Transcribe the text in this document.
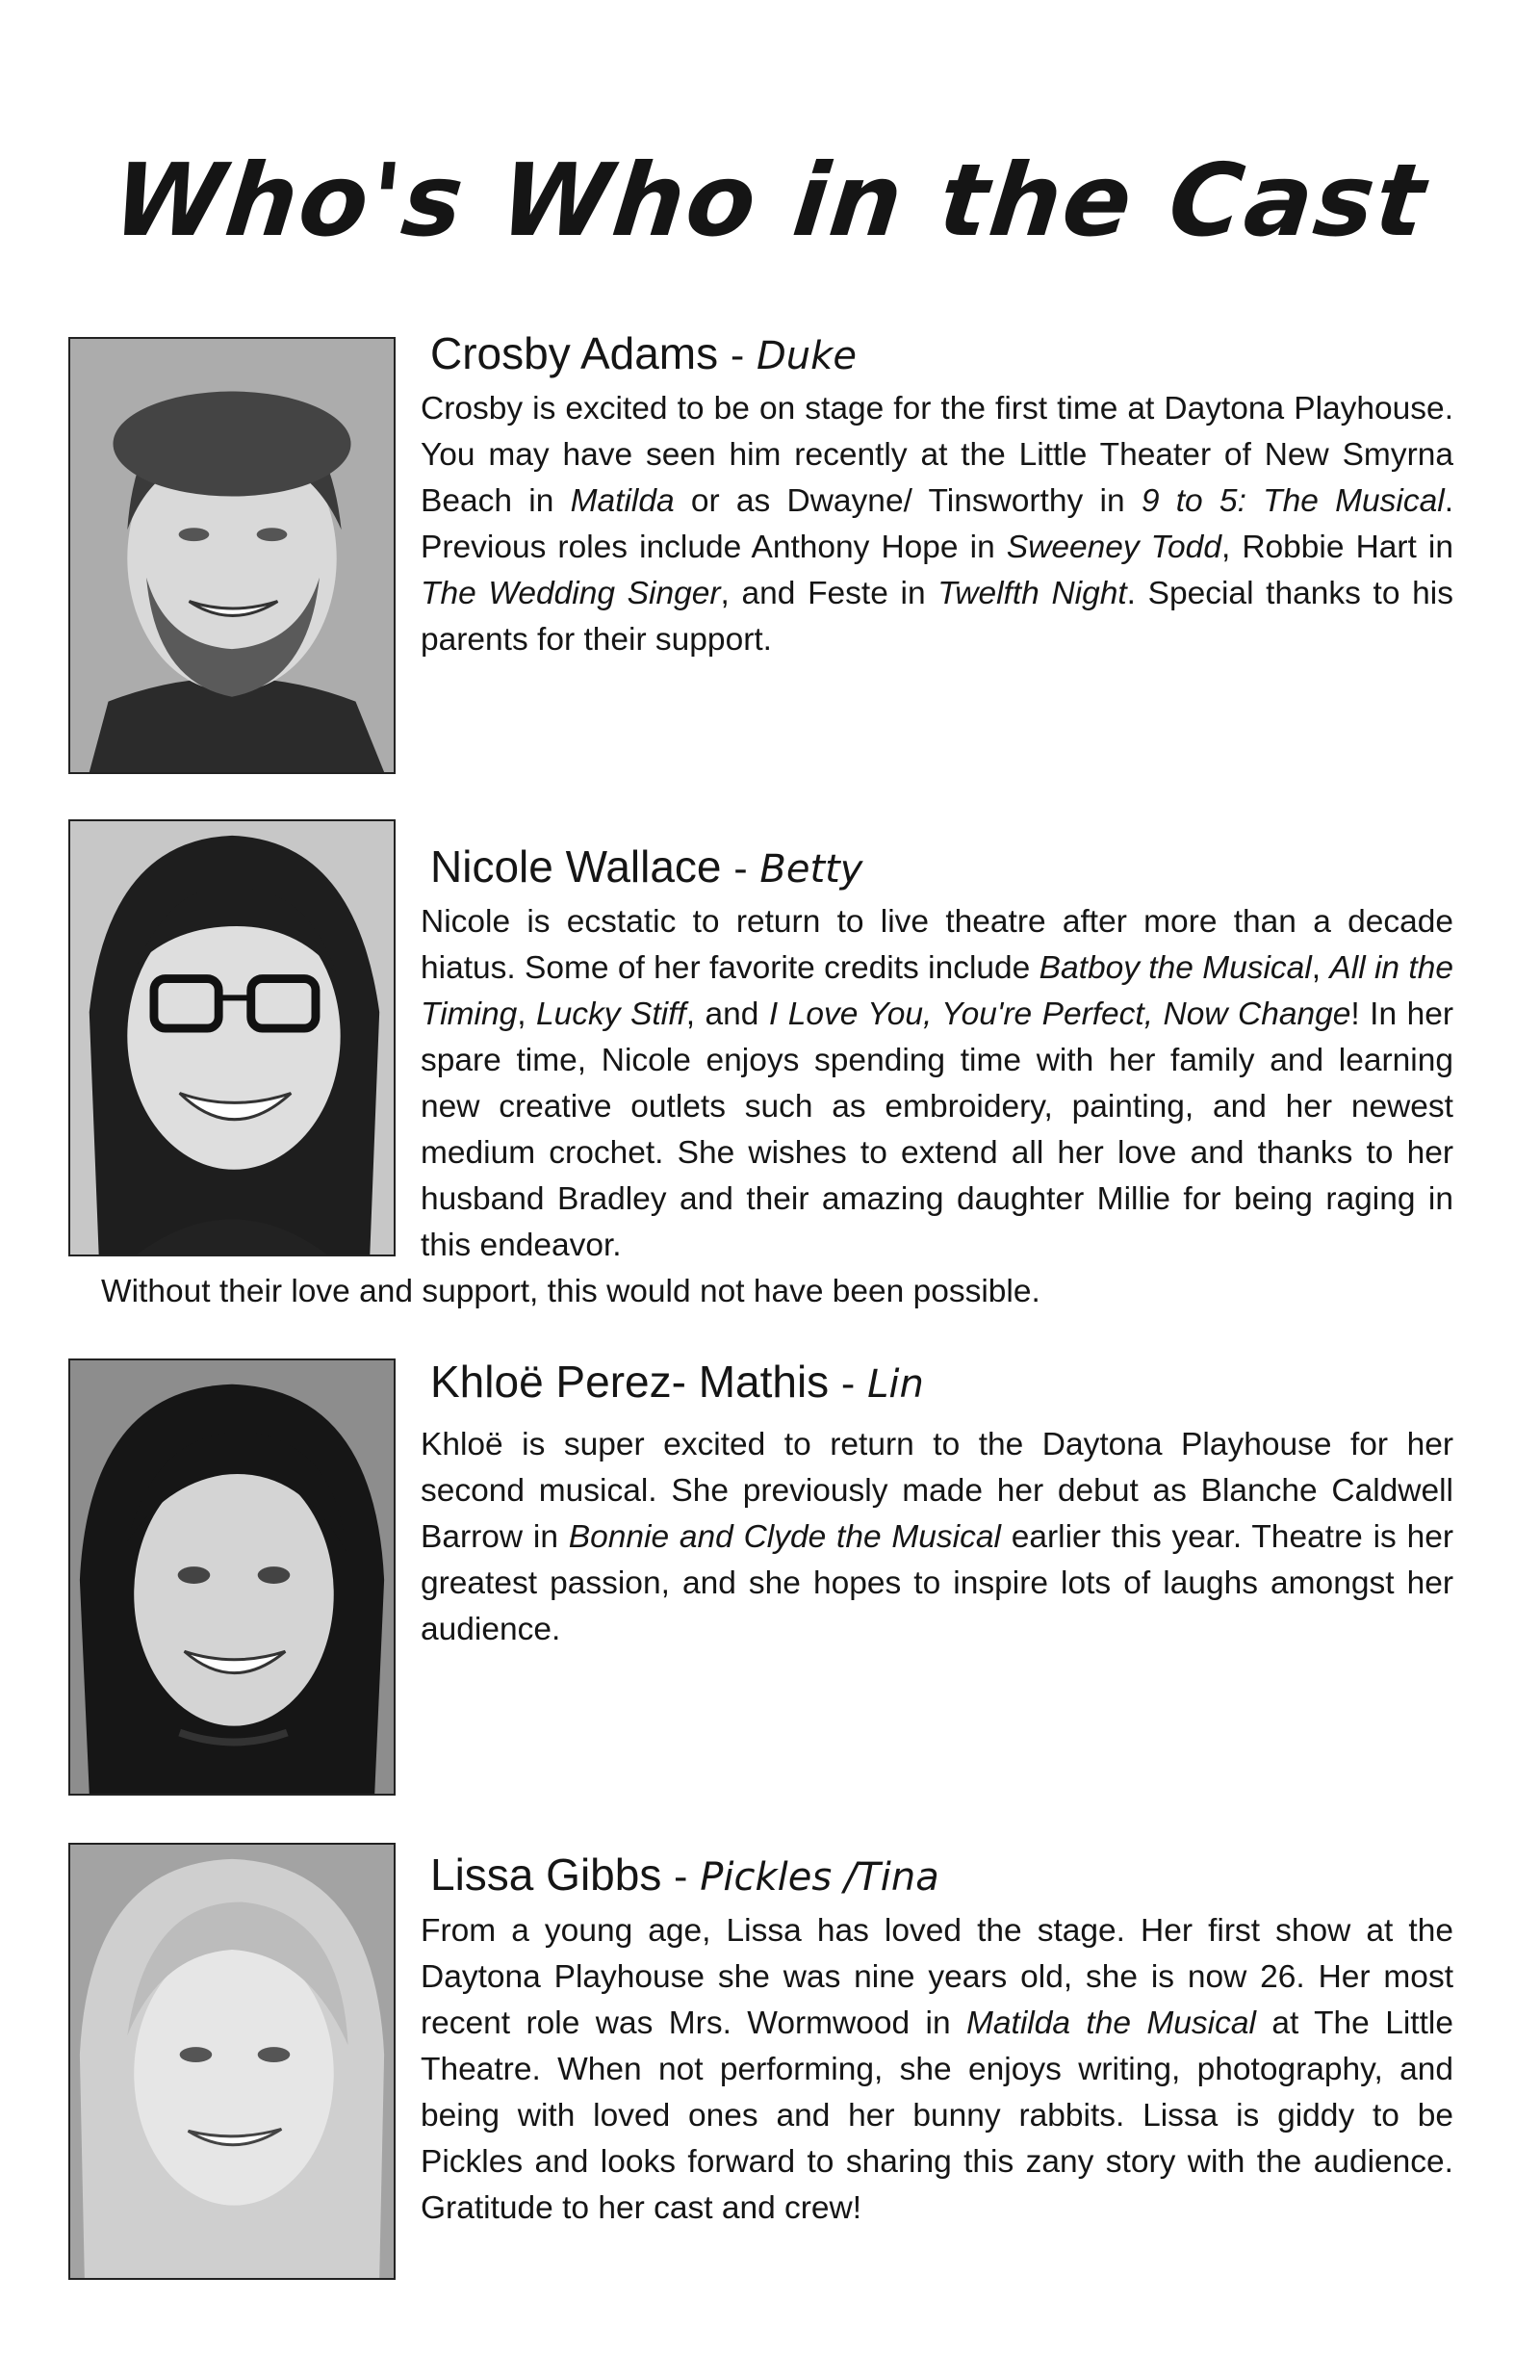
Who's Who in the Cast
Crosby Adams - Duke

Crosby is excited to be on stage for the first time at Daytona Playhouse. You may have seen him recently at the Little Theater of New Smyrna Beach in Matilda or as Dwayne/ Tinsworthy in 9 to 5: The Musical. Previous roles include Anthony Hope in Sweeney Todd, Robbie Hart in The Wedding Singer, and Feste in Twelfth Night. Special thanks to his parents for their support.

Nicole Wallace - Betty

Nicole is ecstatic to return to live theatre after more than a decade hiatus. Some of her favorite credits include Batboy the Musical, All in the Timing, Lucky Stiff, and I Love You, You're Perfect, Now Change! In her spare time, Nicole enjoys spending time with her family and learning new creative outlets such as embroidery, painting, and her newest medium crochet. She wishes to extend all her love and thanks to her husband Bradley and their amazing daughter Millie for being raging in this endeavor.
Without their love and support, this would not have been possible.

Khloë Perez- Mathis - Lin

Khloë is super excited to return to the Daytona Playhouse for her second musical. She previously made her debut as Blanche Caldwell Barrow in Bonnie and Clyde the Musical earlier this year. Theatre is her greatest passion, and she hopes to inspire lots of laughs amongst her audience.

Lissa Gibbs - Pickles /Tina

From a young age, Lissa has loved the stage. Her first show at the Daytona Playhouse she was nine years old, she is now 26. Her most recent role was Mrs. Wormwood in Matilda the Musical at The Little Theatre. When not performing, she enjoys writing, photography, and being with loved ones and her bunny rabbits. Lissa is giddy to be Pickles and looks forward to sharing this zany story with the audience. Gratitude to her cast and crew!
